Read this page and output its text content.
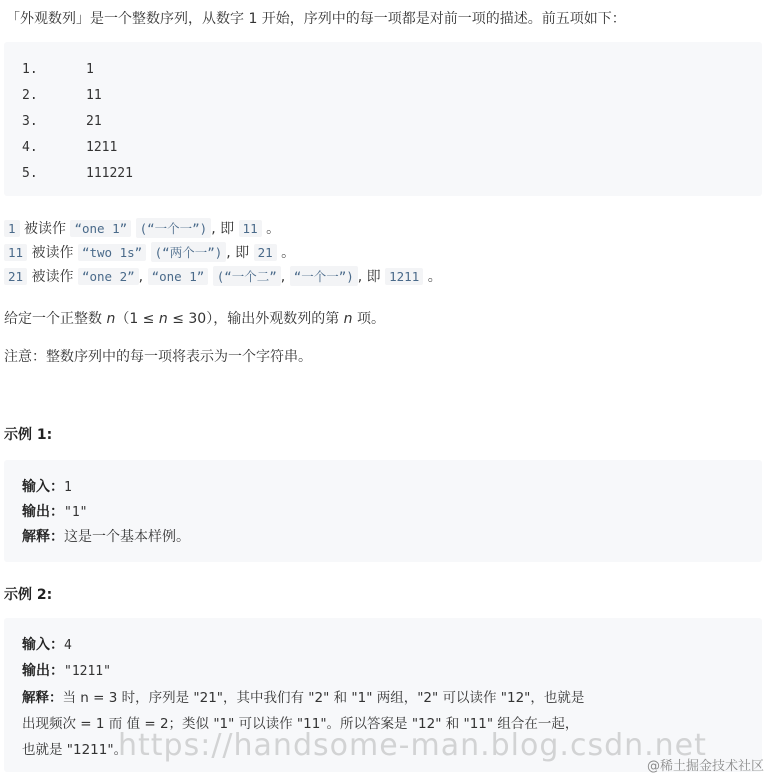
「外观数列」是一个整数序列，从数字 1 开始，序列中的每一项都是对前一项的描述。前五项如下：
1.	1
2.	11
3.	21
4.	1211
5.	111221
1 被读作 “one 1” (“一个一”) , 即 11 。
11 被读作 “two 1s” (“两个一”) , 即 21 。
21 被读作 “one 2” , “one 1” (“一个二” , “一个一”) , 即 1211 。
给定一个正整数 n（1 ≤ n ≤ 30），输出外观数列的第 n 项。
注意：整数序列中的每一项将表示为一个字符串。
示例 1:
输入：1
输出："1"
解释：这是一个基本样例。
示例 2:
输入：4
输出："1211"
解释：当 n = 3 时，序列是 "21"，其中我们有 "2" 和 "1" 两组，"2" 可以读作 "12"，也就是
出现频次 = 1 而 值 = 2；类似 "1" 可以读作 "11"。所以答案是 "12" 和 "11" 组合在一起，
也就是 "1211"。
https://handsome-man.blog.csdn.net
@稀土掘金技术社区
